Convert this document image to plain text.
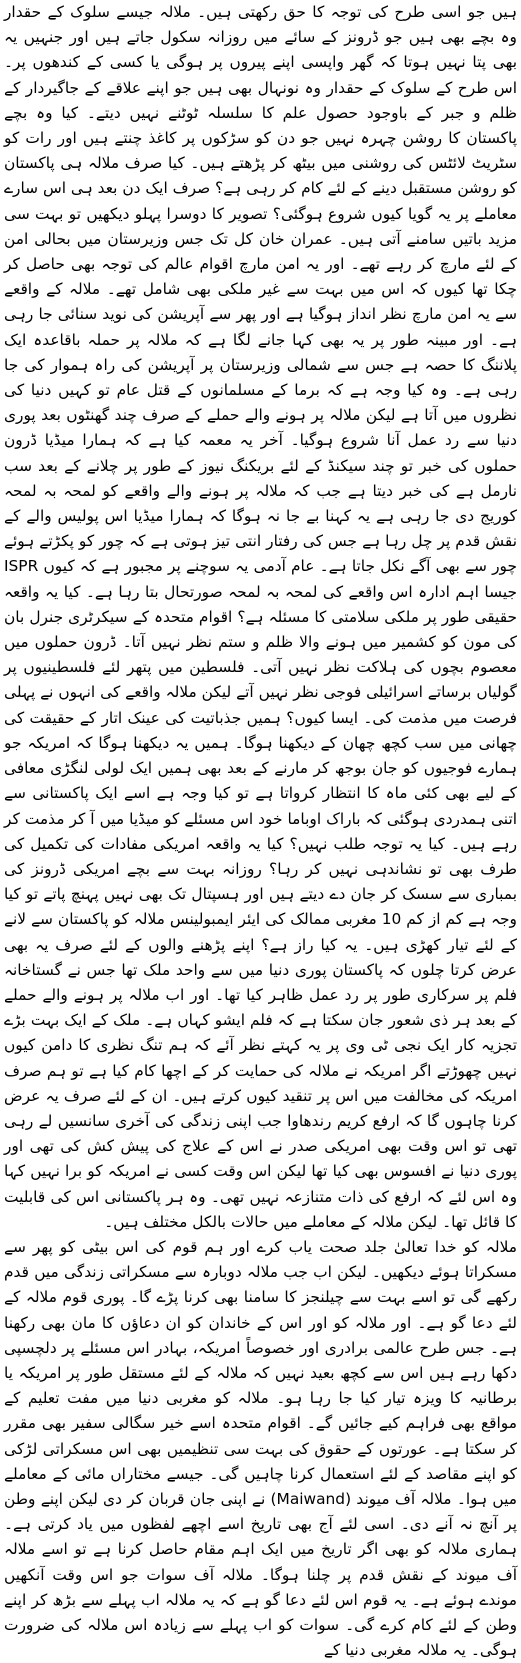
ہیں جو اسی طرح کی توجہ کا حق رکھتی ہیں۔ ملالہ جیسے سلوک کے حقدار وہ بچے بھی ہیں جو ڈرونز کے سائے میں روزانہ سکول جاتے ہیں اور جنہیں یہ بھی پتا نہیں ہوتا کہ گھر واپسی اپنے پیروں پر ہوگی یا کسی کے کندھوں پر۔ اس طرح کے سلوک کے حقدار وہ نونہال بھی ہیں جو اپنے علاقے کے جاگیردار کے ظلم و جبر کے باوجود حصول علم کا سلسلہ ٹوٹنے نہیں دیتے۔ کیا وہ بچے پاکستان کا روشن چہرہ نہیں جو دن کو سڑکوں پر کاغذ چنتے ہیں اور رات کو سٹریٹ لائٹس کی روشنی میں بیٹھ کر پڑھتے ہیں۔ کیا صرف ملالہ ہی پاکستان کو روشن مستقبل دینے کے لئے کام کر رہی ہے؟ صرف ایک دن بعد ہی اس سارے معاملے پر یہ گویا کیوں شروع ہوگئی؟ تصویر کا دوسرا پہلو دیکھیں تو بہت سی مزید باتیں سامنے آتی ہیں۔ عمران خان کل تک جس وزیرستان میں بحالی امن کے لئے مارچ کر رہے تھے۔ اور یہ امن مارچ اقوام عالم کی توجہ بھی حاصل کر چکا تھا کیوں کہ اس میں بہت سے غیر ملکی بھی شامل تھے۔ ملالہ کے واقعے سے یہ امن مارچ نظر انداز ہوگیا ہے اور پھر سے آپریشن کی نوید سنائی جا رہی ہے۔ اور مبینہ طور پر یہ بھی کہا جانے لگا ہے کہ ملالہ پر حملہ باقاعدہ ایک پلاننگ کا حصہ ہے جس سے شمالی وزیرستان پر آپریشن کی راہ ہموار کی جا رہی ہے۔ وہ کیا وجہ ہے کہ برما کے مسلمانوں کے قتل عام تو کہیں دنیا کی نظروں میں آتا ہے لیکن ملالہ پر ہونے والے حملے کے صرف چند گھنٹوں بعد پوری دنیا سے رد عمل آنا شروع ہوگیا۔ آخر یہ معمہ کیا ہے کہ ہمارا میڈیا ڈرون حملوں کی خبر تو چند سیکنڈ کے لئے بریکنگ نیوز کے طور پر چلانے کے بعد سب نارمل ہے کی خبر دیتا ہے جب کہ ملالہ پر ہونے والے واقعے کو لمحہ بہ لمحہ کوریج دی جا رہی ہے یہ کہنا بے جا نہ ہوگا کہ ہمارا میڈیا اس پولیس والے کے نقش قدم پر چل رہا ہے جس کی رفتار انتی تیز ہوتی ہے کہ چور کو پکڑتے ہوئے چور سے بھی آگے نکل جاتا ہے۔ عام آدمی یہ سوچنے پر مجبور ہے کہ کیوں ISPR جیسا اہم ادارہ اس واقعے کی لمحہ بہ لمحہ صورتحال بتا رہا ہے۔ کیا یہ واقعہ حقیقی طور پر ملکی سلامتی کا مسئلہ ہے؟ اقوام متحدہ کے سیکرٹری جنرل بان کی مون کو کشمیر میں ہونے والا ظلم و ستم نظر نہیں آتا۔ ڈرون حملوں میں معصوم بچوں کی ہلاکت نظر نہیں آتی۔ فلسطین میں پتھر لئے فلسطینیوں پر گولیاں برساتے اسرائیلی فوجی نظر نہیں آتے لیکن ملالہ واقعے کی انہوں نے پہلی فرصت میں مذمت کی۔ ایسا کیوں؟ ہمیں جذباتیت کی عینک اتار کے حقیقت کی چھانی میں سب کچھ چھان کے دیکھنا ہوگا۔ ہمیں یہ دیکھنا ہوگا کہ امریکہ جو ہمارے فوجیوں کو جان بوجھ کر مارنے کے بعد بھی ہمیں ایک لولی لنگڑی معافی کے لیے بھی کئی ماہ کا انتظار کرواتا ہے تو کیا وجہ ہے اسے ایک پاکستانی سے اتنی ہمدردی ہوگئی کہ باراک اوباما خود اس مسئلے کو میڈیا میں آ کر مذمت کر رہے ہیں۔ کیا یہ توجہ طلب نہیں؟ کیا یہ واقعہ امریکی مفادات کی تکمیل کی طرف بھی تو نشاندہی نہیں کر رہا؟ روزانہ بہت سے بچے امریکی ڈرونز کی بمباری سے سسک کر جان دے دیتے ہیں اور ہسپتال تک بھی نہیں پہنچ پاتے تو کیا وجہ ہے کم از کم 10 مغربی ممالک کی ایئر ایمبولینس ملالہ کو پاکستان سے لانے کے لئے تیار کھڑی ہیں۔ یہ کیا راز ہے؟ اپنے پڑھنے والوں کے لئے صرف یہ بھی عرض کرتا چلوں کہ پاکستان پوری دنیا میں سے واحد ملک تھا جس نے گستاخانہ فلم پر سرکاری طور پر رد عمل ظاہر کیا تھا۔ اور اب ملالہ پر ہونے والے حملے کے بعد ہر ذی شعور جان سکتا ہے کہ فلم ایشو کہاں ہے۔ ملک کے ایک بہت بڑے تجزیہ کار ایک نجی ٹی وی پر یہ کہتے نظر آئے کہ ہم تنگ نظری کا دامن کیوں نہیں چھوڑتے اگر امریکہ نے ملالہ کی حمایت کر کے اچھا کام کیا ہے تو ہم صرف امریکہ کی مخالفت میں اس پر تنقید کیوں کرتے ہیں۔ ان کے لئے صرف یہ عرض کرنا چاہوں گا کہ ارفع کریم رندھاوا جب اپنی زندگی کی آخری سانسیں لے رہی تھی تو اس وقت بھی امریکی صدر نے اس کے علاج کی پیش کش کی تھی اور پوری دنیا نے افسوس بھی کیا تھا لیکن اس وقت کسی نے امریکہ کو برا نہیں کہا وہ اس لئے کہ ارفع کی ذات متنازعہ نہیں تھی۔ وہ ہر پاکستانی اس کی قابلیت کا قائل تھا۔ لیکن ملالہ کے معاملے میں حالات بالکل مختلف ہیں۔

ملالہ کو خدا تعالیٰ جلد صحت یاب کرے اور ہم قوم کی اس بیٹی کو پھر سے مسکراتا ہوئے دیکھیں۔ لیکن اب جب ملالہ دوبارہ سے مسکراتی زندگی میں قدم رکھے گی تو اسے بہت سے چیلنجز کا سامنا بھی کرنا پڑے گا۔ پوری قوم ملالہ کے لئے دعا گو ہے۔ اور ملالہ کو اور اس کے خاندان کو ان دعاؤں کا مان بھی رکھنا ہے۔ جس طرح عالمی برادری اور خصوصاً امریکہ، بہادر اس مسئلے پر دلچسپی دکھا رہے ہیں اس سے کچھ بعید نہیں کہ ملالہ کے لئے مستقل طور پر امریکہ یا برطانیہ کا ویزہ تیار کیا جا رہا ہو۔ ملالہ کو مغربی دنیا میں مفت تعلیم کے مواقع بھی فراہم کیے جائیں گے۔ اقوام متحدہ اسے خیر سگالی سفیر بھی مقرر کر سکتا ہے۔ عورتوں کے حقوق کی بہت سی تنظیمیں بھی اس مسکراتی لڑکی کو اپنے مقاصد کے لئے استعمال کرنا چاہیں گی۔ جیسے مختاراں مائی کے معاملے میں ہوا۔ ملالہ آف میوند (Maiwand) نے اپنی جان قربان کر دی لیکن اپنے وطن پر آنچ نہ آنے دی۔ اسی لئے آج بھی تاریخ اسے اچھے لفظوں میں یاد کرتی ہے۔ ہماری ملالہ کو بھی اگر تاریخ میں ایک اہم مقام حاصل کرنا ہے تو اسے ملالہ آف میوند کے نقش قدم پر چلنا ہوگا۔ ملالہ آف سوات جو اس وقت آنکھیں موندے ہوئے ہے۔ یہ قوم اس لئے دعا گو ہے کہ یہ ملالہ اب پہلے سے بڑھ کر اپنے وطن کے لئے کام کرے گی۔ سوات کو اب پہلے سے زیادہ اس ملالہ کی ضرورت ہوگی۔ یہ ملالہ مغربی دنیا کے
